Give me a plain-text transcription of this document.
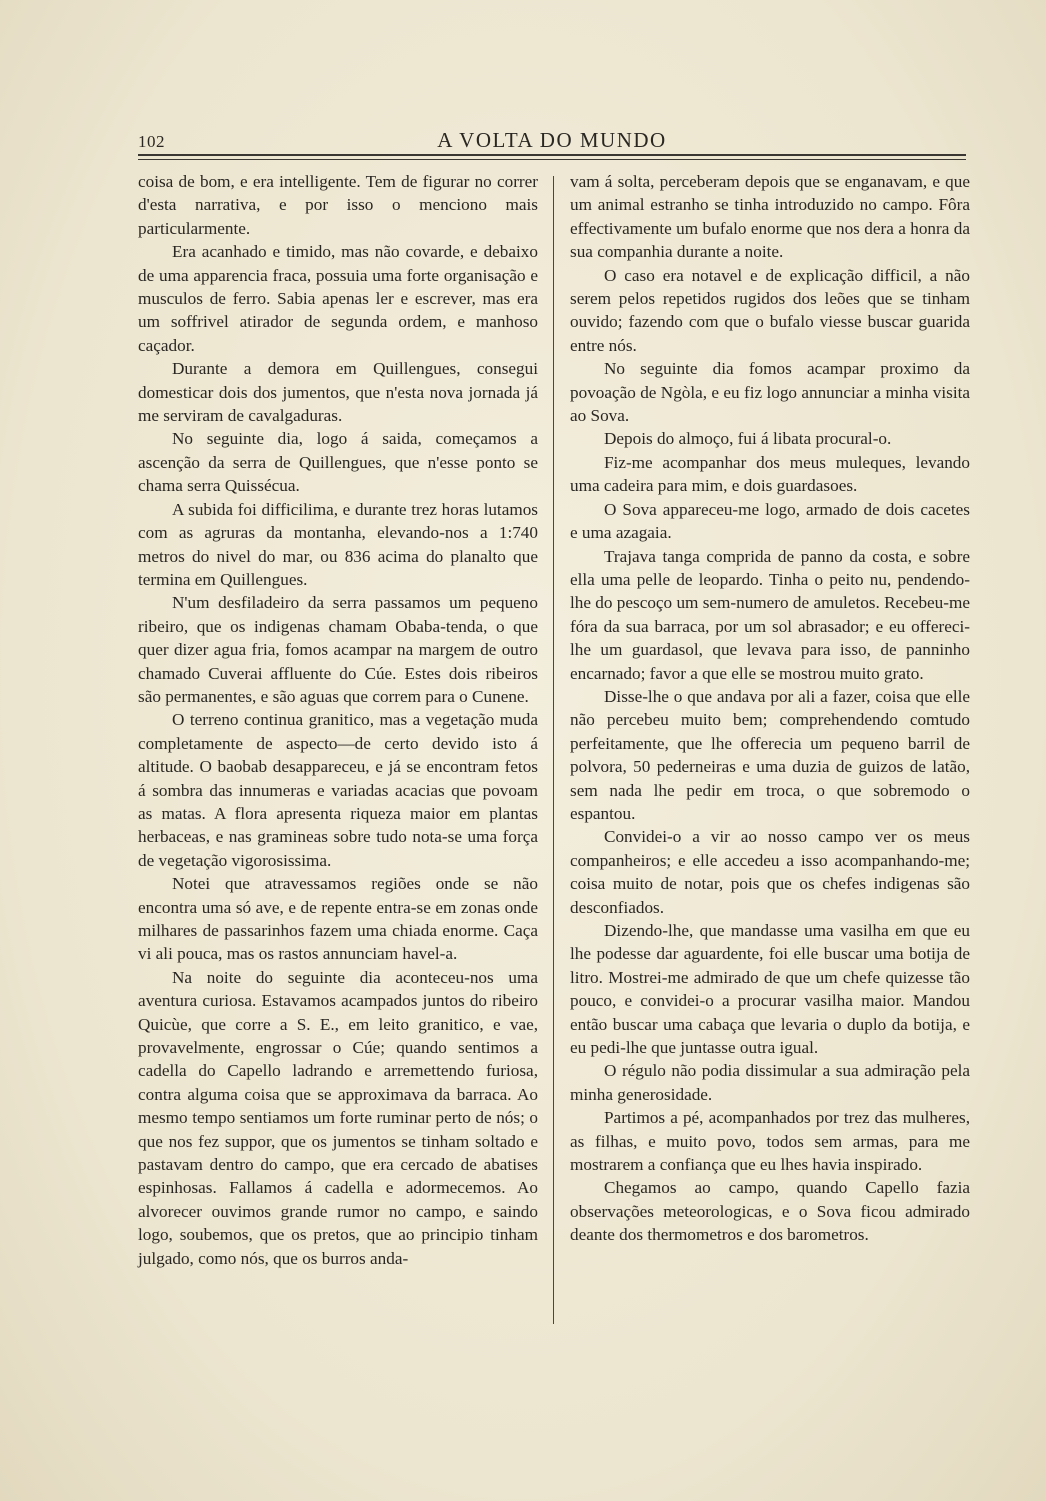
102	A VOLTA DO MUNDO

coisa de bom, e era intelligente. Tem de figurar no correr d'esta narrativa, e por isso o menciono mais particularmente.

Era acanhado e timido, mas não covarde, e debaixo de uma apparencia fraca, possuia uma forte organisação e musculos de ferro. Sabia apenas ler e escrever, mas era um soffrivel atirador de segunda ordem, e manhoso caçador.

Durante a demora em Quillengues, consegui domesticar dois dos jumentos, que n'esta nova jornada já me serviram de cavalgaduras.

No seguinte dia, logo á saida, começamos a ascenção da serra de Quillengues, que n'esse ponto se chama serra Quissécua.

A subida foi difficilima, e durante trez horas lutamos com as agruras da montanha, elevando-nos a 1:740 metros do nivel do mar, ou 836 acima do planalto que termina em Quillengues.

N'um desfiladeiro da serra passamos um pequeno ribeiro, que os indigenas chamam Obaba-tenda, o que quer dizer agua fria, fomos acampar na margem de outro chamado Cuverai affluente do Cúe. Estes dois ribeiros são permanentes, e são aguas que correm para o Cunene.

O terreno continua granitico, mas a vegetação muda completamente de aspecto—de certo devido isto á altitude. O baobab desappareceu, e já se encontram fetos á sombra das innumeras e variadas acacias que povoam as matas. A flora apresenta riqueza maior em plantas herbaceas, e nas gramineas sobre tudo nota-se uma força de vegetação vigorosissima.

Notei que atravessamos regiões onde se não encontra uma só ave, e de repente entra-se em zonas onde milhares de passarinhos fazem uma chiada enorme. Caça vi ali pouca, mas os rastos annunciam havel-a.

Na noite do seguinte dia aconteceu-nos uma aventura curiosa. Estavamos acampados juntos do ribeiro Quicùe, que corre a S. E., em leito granitico, e vae, provavelmente, engrossar o Cúe; quando sentimos a cadella do Capello ladrando e arremettendo furiosa, contra alguma coisa que se approximava da barraca. Ao mesmo tempo sentiamos um forte ruminar perto de nós; o que nos fez suppor, que os jumentos se tinham soltado e pastavam dentro do campo, que era cercado de abatises espinhosas. Fallamos á cadella e adormecemos. Ao alvorecer ouvimos grande rumor no campo, e saindo logo, soubemos, que os pretos, que ao principio tinham julgado, como nós, que os burros anda-

vam á solta, perceberam depois que se enganavam, e que um animal estranho se tinha introduzido no campo. Fôra effectivamente um bufalo enorme que nos dera a honra da sua companhia durante a noite.

O caso era notavel e de explicação difficil, a não serem pelos repetidos rugidos dos leões que se tinham ouvido; fazendo com que o bufalo viesse buscar guarida entre nós.

No seguinte dia fomos acampar proximo da povoação de Ngòla, e eu fiz logo annunciar a minha visita ao Sova.

Depois do almoço, fui á libata procural-o.

Fiz-me acompanhar dos meus muleques, levando uma cadeira para mim, e dois guardasoes.

O Sova appareceu-me logo, armado de dois cacetes e uma azagaia.

Trajava tanga comprida de panno da costa, e sobre ella uma pelle de leopardo. Tinha o peito nu, pendendo-lhe do pescoço um sem-numero de amuletos. Recebeu-me fóra da sua barraca, por um sol abrasador; e eu offereci-lhe um guardasol, que levava para isso, de panninho encarnado; favor a que elle se mostrou muito grato.

Disse-lhe o que andava por ali a fazer, coisa que elle não percebeu muito bem; comprehendendo comtudo perfeitamente, que lhe offerecia um pequeno barril de polvora, 50 pederneiras e uma duzia de guizos de latão, sem nada lhe pedir em troca, o que sobremodo o espantou.

Convidei-o a vir ao nosso campo ver os meus companheiros; e elle accedeu a isso acompanhando-me; coisa muito de notar, pois que os chefes indigenas são desconfiados.

Dizendo-lhe, que mandasse uma vasilha em que eu lhe podesse dar aguardente, foi elle buscar uma botija de litro. Mostrei-me admirado de que um chefe quizesse tão pouco, e convidei-o a procurar vasilha maior. Mandou então buscar uma cabaça que levaria o duplo da botija, e eu pedi-lhe que juntasse outra igual.

O régulo não podia dissimular a sua admiração pela minha generosidade.

Partimos a pé, acompanhados por trez das mulheres, as filhas, e muito povo, todos sem armas, para me mostrarem a confiança que eu lhes havia inspirado.

Chegamos ao campo, quando Capello fazia observações meteorologicas, e o Sova ficou admirado deante dos thermometros e dos barometros.
